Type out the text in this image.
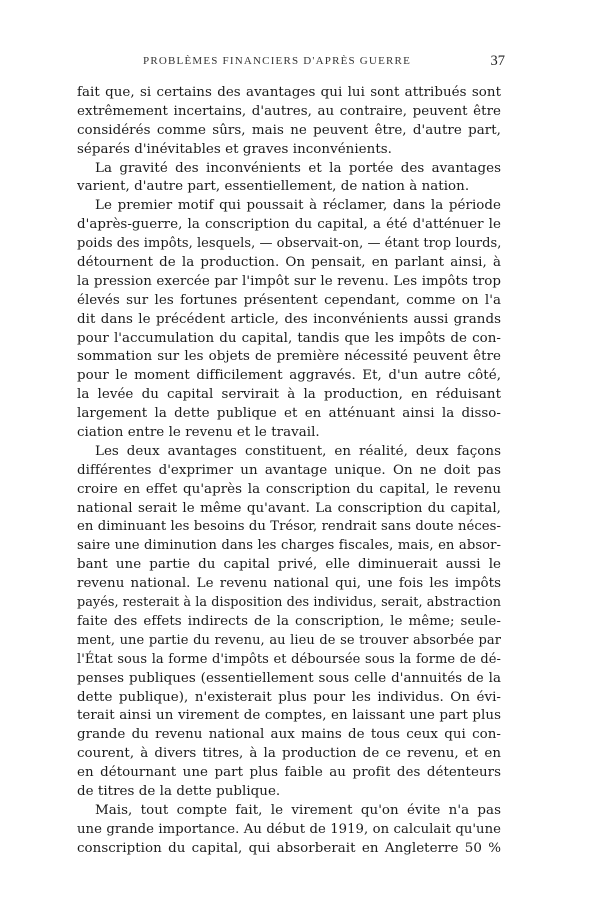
PROBLÈMES FINANCIERS D'APRÈS GUERRE	37
fait que, si certains des avantages qui lui sont attribués sont
extrêmement incertains, d'autres, au contraire, peuvent être
considérés comme sûrs, mais ne peuvent être, d'autre part,
séparés d'inévitables et graves inconvénients.
La gravité des inconvénients et la portée des avantages
varient, d'autre part, essentiellement, de nation à nation.
Le premier motif qui poussait à réclamer, dans la période
d'après-guerre, la conscription du capital, a été d'atténuer le
poids des impôts, lesquels, — observait-on, — étant trop lourds,
détournent de la production. On pensait, en parlant ainsi, à
la pression exercée par l'impôt sur le revenu. Les impôts trop
élevés sur les fortunes présentent cependant, comme on l'a
dit dans le précédent article, des inconvénients aussi grands
pour l'accumulation du capital, tandis que les impôts de con-
sommation sur les objets de première nécessité peuvent être
pour le moment difficilement aggravés. Et, d'un autre côté,
la levée du capital servirait à la production, en réduisant
largement la dette publique et en atténuant ainsi la disso-
ciation entre le revenu et le travail.
Les deux avantages constituent, en réalité, deux façons
différentes d'exprimer un avantage unique. On ne doit pas
croire en effet qu'après la conscription du capital, le revenu
national serait le même qu'avant. La conscription du capital,
en diminuant les besoins du Trésor, rendrait sans doute néces-
saire une diminution dans les charges fiscales, mais, en absor-
bant une partie du capital privé, elle diminuerait aussi le
revenu national. Le revenu national qui, une fois les impôts
payés, resterait à la disposition des individus, serait, abstraction
faite des effets indirects de la conscription, le même; seule-
ment, une partie du revenu, au lieu de se trouver absorbée par
l'État sous la forme d'impôts et déboursée sous la forme de dé-
penses publiques (essentiellement sous celle d'annuités de la
dette publique), n'existerait plus pour les individus. On évi-
terait ainsi un virement de comptes, en laissant une part plus
grande du revenu national aux mains de tous ceux qui con-
courent, à divers titres, à la production de ce revenu, et en
en détournant une part plus faible au profit des détenteurs
de titres de la dette publique.
Mais, tout compte fait, le virement qu'on évite n'a pas
une grande importance. Au début de 1919, on calculait qu'une
conscription du capital, qui absorberait en Angleterre 50 %
